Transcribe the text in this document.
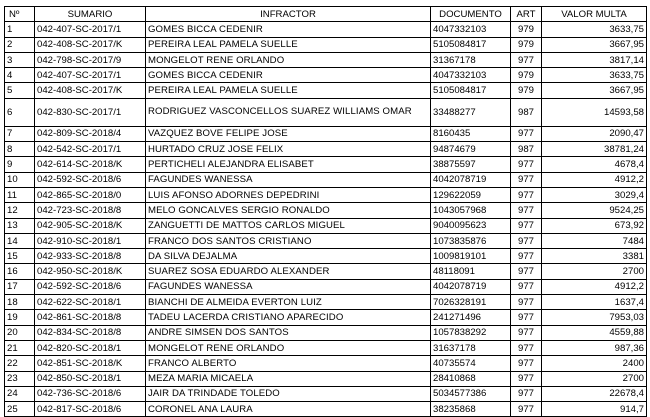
Nº	SUMARIO	INFRACTOR	DOCUMENTO	ART	VALOR MULTA
1	042-407-SC-2017/1	GOMES BICCA CEDENIR	4047332103	979	3633,75
2	042-408-SC-2017/K	PEREIRA LEAL PAMELA SUELLE	5105084817	979	3667,95
3	042-798-SC-2017/9	MONGELOT RENE ORLANDO	31367178	977	3817,14
4	042-407-SC-2017/1	GOMES BICCA CEDENIR	4047332103	979	3633,75
5	042-408-SC-2017/K	PEREIRA LEAL PAMELA SUELLE	5105084817	979	3667,95
6	042-830-SC-2017/1	RODRIGUEZ VASCONCELLOS SUAREZ WILLIAMS OMAR	33488277	987	14593,58
7	042-809-SC-2018/4	VAZQUEZ BOVE FELIPE JOSE	8160435	977	2090,47
8	042-542-SC-2017/1	HURTADO CRUZ JOSE FELIX	94874679	987	38781,24
9	042-614-SC-2018/K	PERTICHELI ALEJANDRA ELISABET	38875597	977	4678,4
10	042-592-SC-2018/6	FAGUNDES WANESSA	4042078719	977	4912,2
11	042-865-SC-2018/0	LUIS AFONSO ADORNES DEPEDRINI	129622059	977	3029,4
12	042-723-SC-2018/8	MELO GONCALVES SERGIO RONALDO	1043057968	977	9524,25
13	042-905-SC-2018/K	ZANGUETTI DE MATTOS CARLOS MIGUEL	9040095623	977	673,92
14	042-910-SC-2018/1	FRANCO DOS SANTOS CRISTIANO	1073835876	977	7484
15	042-933-SC-2018/8	DA SILVA DEJALMA	1009819101	977	3381
16	042-950-SC-2018/K	SUAREZ SOSA EDUARDO ALEXANDER	48118091	977	2700
17	042-592-SC-2018/6	FAGUNDES WANESSA	4042078719	977	4912,2
18	042-622-SC-2018/1	BIANCHI DE ALMEIDA EVERTON LUIZ	7026328191	977	1637,4
19	042-861-SC-2018/8	TADEU LACERDA CRISTIANO APARECIDO	241271496	977	7953,03
20	042-834-SC-2018/8	ANDRE SIMSEN DOS SANTOS	1057838292	977	4559,88
21	042-820-SC-2018/1	MONGELOT RENE ORLANDO	31637178	977	987,36
22	042-851-SC-2018/K	FRANCO ALBERTO	40735574	977	2400
23	042-850-SC-2018/1	MEZA MARIA MICAELA	28410868	977	2700
24	042-736-SC-2018/6	JAIR DA TRINDADE TOLEDO	5034577386	977	22678,4
25	042-817-SC-2018/6	CORONEL ANA LAURA	38235868	977	914,7
